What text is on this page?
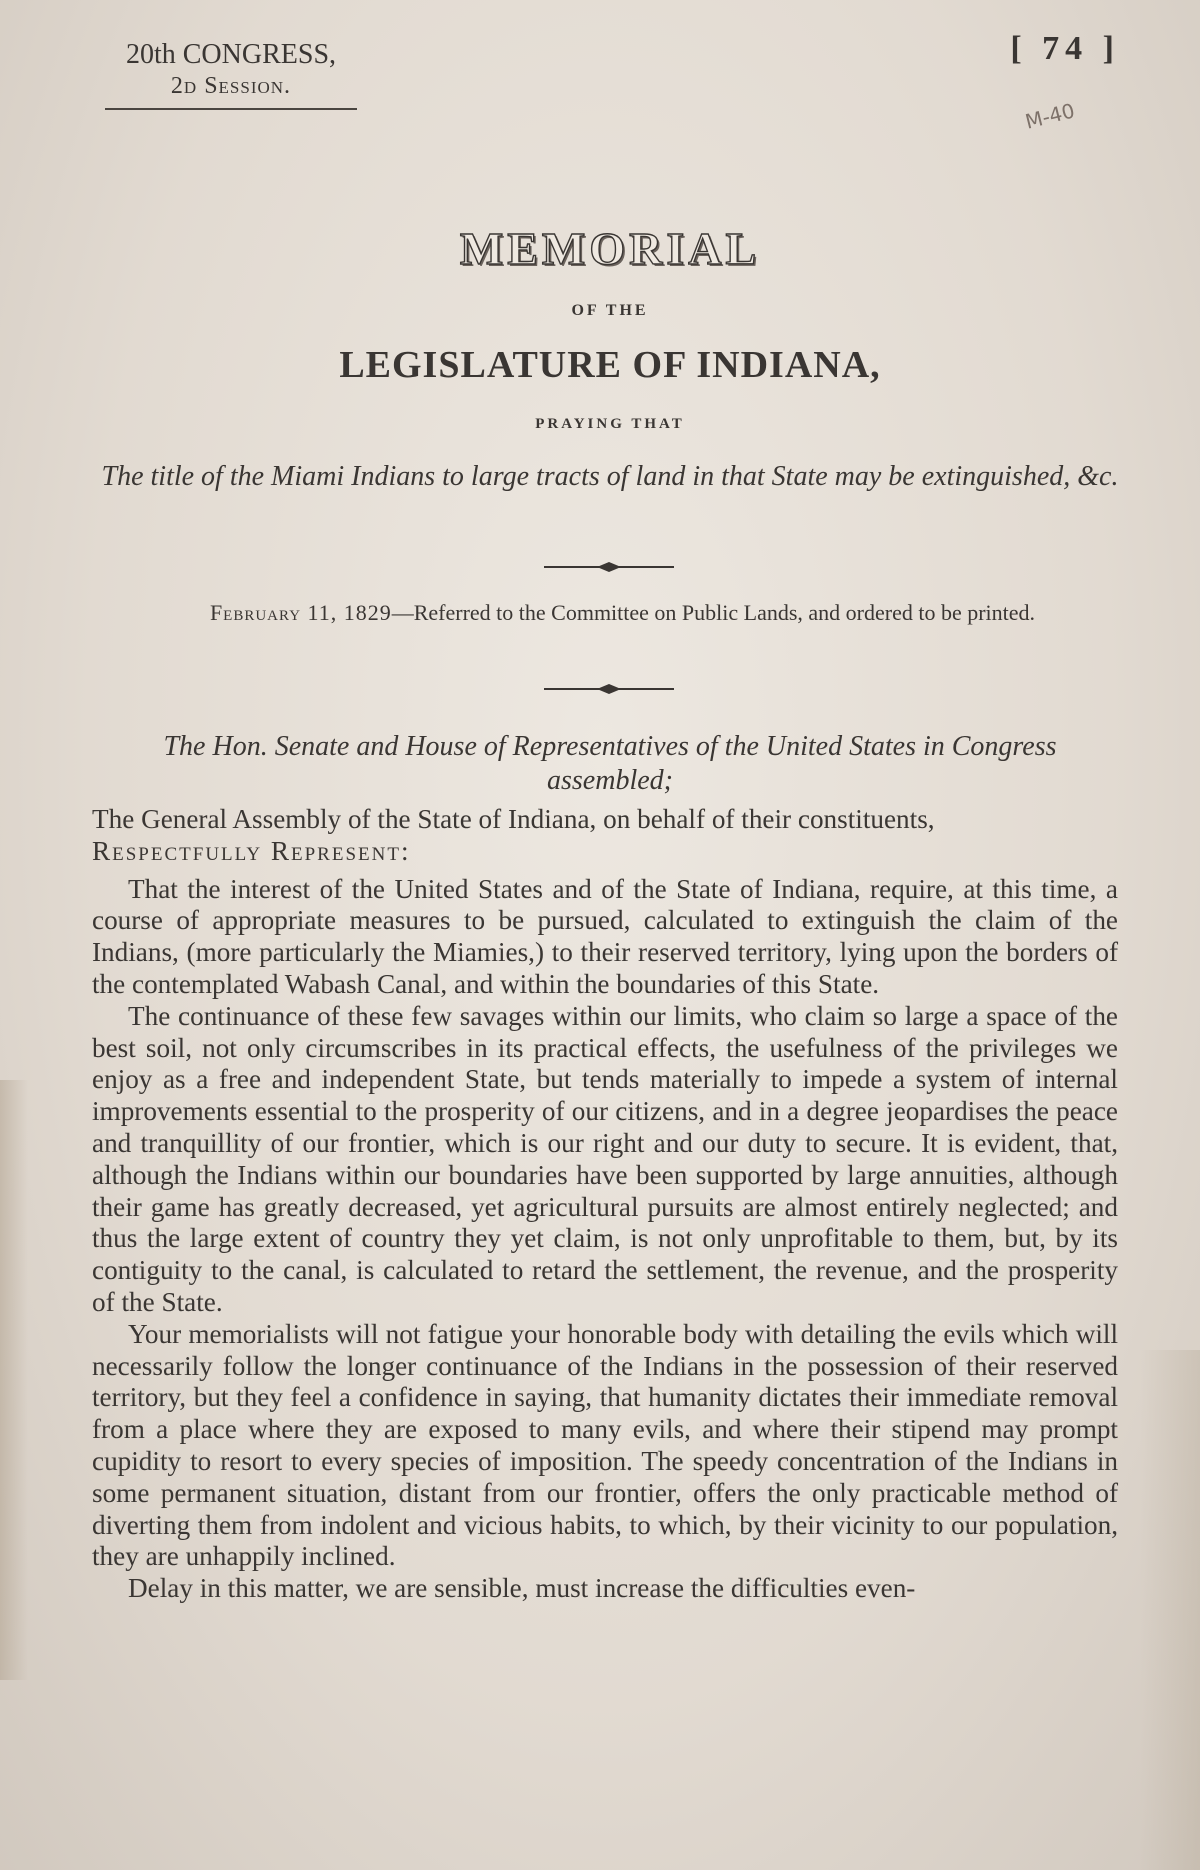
20th CONGRESS,
2d Session.
[ 74 ]
M-40
MEMORIAL
OF THE
LEGISLATURE OF INDIANA,
PRAYING THAT
The title of the Miami Indians to large tracts of land in that State may be extinguished, &c.
February 11, 1829—Referred to the Committee on Public Lands, and ordered to be printed.
The Hon. Senate and House of Representatives of the United States in Congress assembled;

The General Assembly of the State of Indiana, on behalf of their constituents,

Respectfully Represent:

That the interest of the United States and of the State of Indiana, require, at this time, a course of appropriate measures to be pursued, calculated to extinguish the claim of the Indians, (more particularly the Miamies,) to their reserved territory, lying upon the borders of the contemplated Wabash Canal, and within the boundaries of this State.

The continuance of these few savages within our limits, who claim so large a space of the best soil, not only circumscribes in its practical effects, the usefulness of the privileges we enjoy as a free and independent State, but tends materially to impede a system of internal improvements essential to the prosperity of our citizens, and in a degree jeopardises the peace and tranquillity of our frontier, which is our right and our duty to secure. It is evident, that, although the Indians within our boundaries have been supported by large annuities, although their game has greatly decreased, yet agricultural pursuits are almost entirely neglected; and thus the large extent of country they yet claim, is not only unprofitable to them, but, by its contiguity to the canal, is calculated to retard the settlement, the revenue, and the prosperity of the State.

Your memorialists will not fatigue your honorable body with detailing the evils which will necessarily follow the longer continuance of the Indians in the possession of their reserved territory, but they feel a confidence in saying, that humanity dictates their immediate removal from a place where they are exposed to many evils, and where their stipend may prompt cupidity to resort to every species of imposition. The speedy concentration of the Indians in some permanent situation, distant from our frontier, offers the only practicable method of diverting them from indolent and vicious habits, to which, by their vicinity to our population, they are unhappily inclined.

Delay in this matter, we are sensible, must increase the difficulties even-
